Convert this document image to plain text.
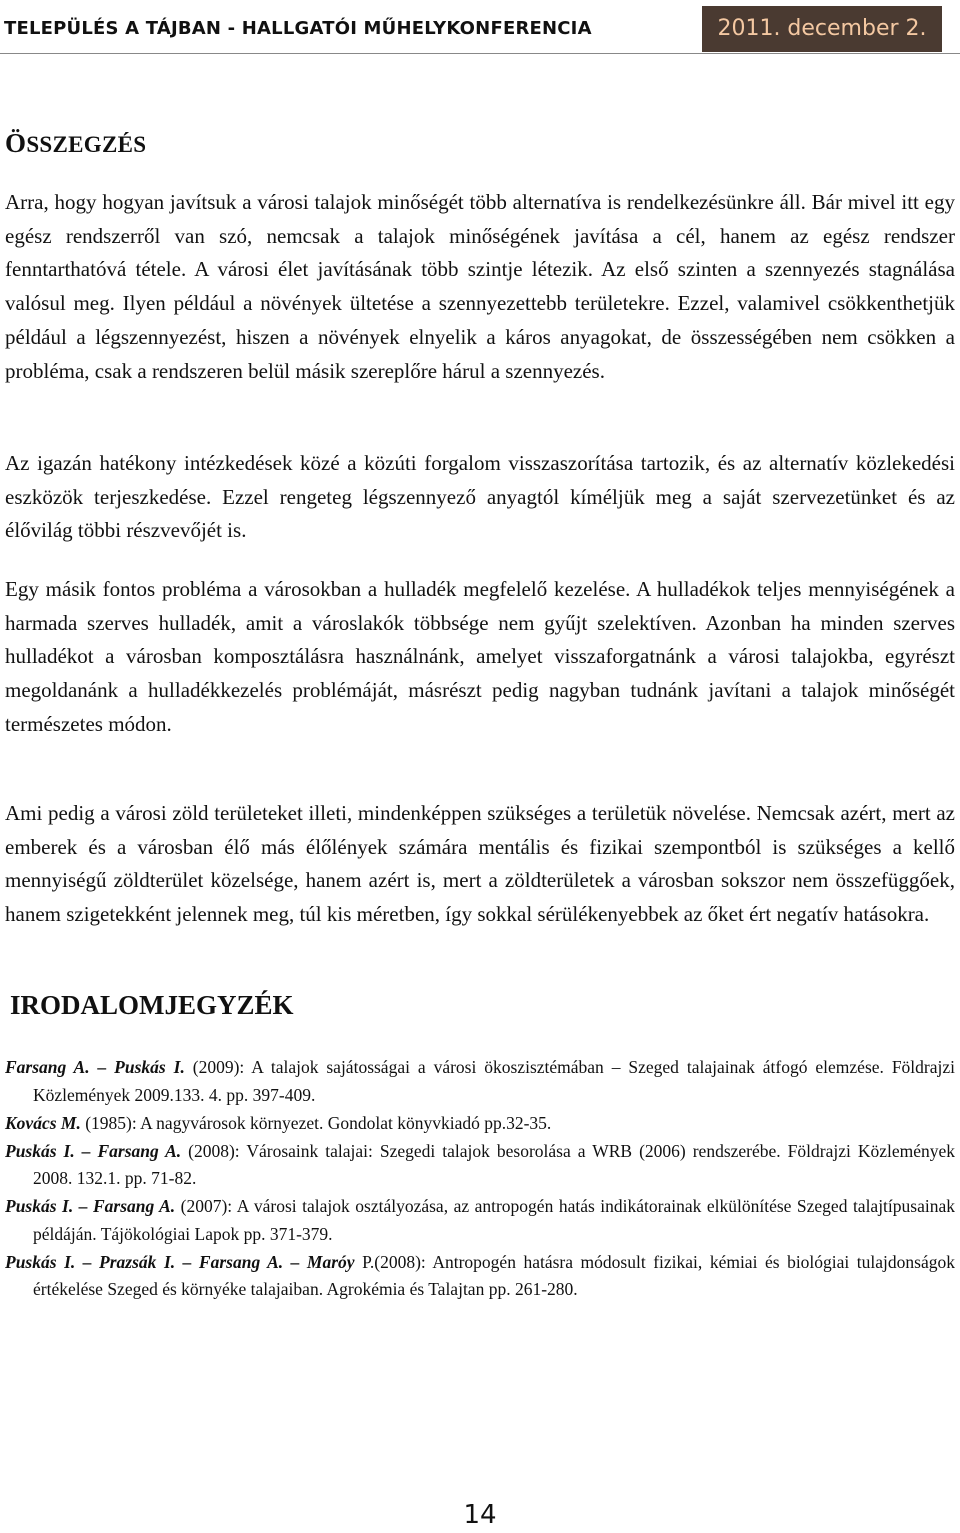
TELEPÜLÉS A TÁJBAN - HALLGATÓI MŰHELYKONFERENCIA	2011. december 2.
ÖSSZEGZÉS

Arra, hogy hogyan javítsuk a városi talajok minőségét több alternatíva is rendelkezésünkre áll. Bár mivel itt egy egész rendszerről van szó, nemcsak a talajok minőségének javítása a cél, hanem az egész rendszer fenntarthatóvá tétele. A városi élet javításának több szintje létezik. Az első szinten a szennyezés stagnálása valósul meg. Ilyen például a növények ültetése a szennyezettebb területekre. Ezzel, valamivel csökkenthetjük például a légszennyezést, hiszen a növények elnyelik a káros anyagokat, de összességében nem csökken a probléma, csak a rendszeren belül másik szereplőre hárul a szennyezés.

Az igazán hatékony intézkedések közé a közúti forgalom visszaszorítása tartozik, és az alternatív közlekedési eszközök terjeszkedése. Ezzel rengeteg légszennyező anyagtól kíméljük meg a saját szervezetünket és az élővilág többi részvevőjét is.

Egy másik fontos probléma a városokban a hulladék megfelelő kezelése. A hulladékok teljes mennyiségének a harmada szerves hulladék, amit a városlakók többsége nem gyűjt szelektíven. Azonban ha minden szerves hulladékot a városban komposztálásra használnánk, amelyet visszaforgatnánk a városi talajokba, egyrészt megoldanánk a hulladékkezelés problémáját, másrészt pedig nagyban tudnánk javítani a talajok minőségét természetes módon.

Ami pedig a városi zöld területeket illeti, mindenképpen szükséges a területük növelése. Nemcsak azért, mert az emberek és a városban élő más élőlények számára mentális és fizikai szempontból is szükséges a kellő mennyiségű zöldterület közelsége, hanem azért is, mert a zöldterületek a városban sokszor nem összefüggőek, hanem szigetekként jelennek meg, túl kis méretben, így sokkal sérülékenyebbek az őket ért negatív hatásokra.

IRODALOMJEGYZÉK

Farsang A. – Puskás I. (2009): A talajok sajátosságai a városi ökoszisztémában – Szeged talajainak átfogó elemzése. Földrajzi Közlemények 2009.133. 4. pp. 397-409.

Kovács M. (1985): A nagyvárosok környezet. Gondolat könyvkiadó pp.32-35.

Puskás I. – Farsang A. (2008): Városaink talajai: Szegedi talajok besorolása a WRB (2006) rendszerébe. Földrajzi Közlemények 2008. 132.1. pp. 71-82.

Puskás I. – Farsang A. (2007): A városi talajok osztályozása, az antropogén hatás indikátorainak elkülönítése Szeged talajtípusainak példáján. Tájökológiai Lapok pp. 371-379.

Puskás I. – Prazsák I. – Farsang A. – Maróy P.(2008): Antropogén hatásra módosult fizikai, kémiai és biológiai tulajdonságok értékelése Szeged és környéke talajaiban. Agrokémia és Talajtan pp. 261-280.

14
